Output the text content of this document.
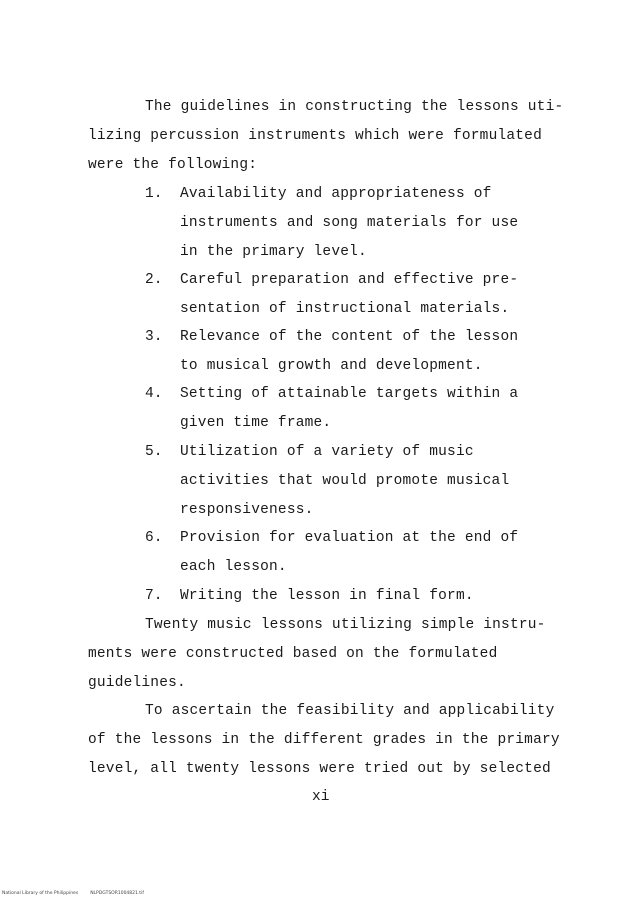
The guidelines in constructing the lessons uti-
lizing percussion instruments which were formulated
were the following:
1. Availability and appropriateness of
instruments and song materials for use
in the primary level.
2. Careful preparation and effective pre-
sentation of instructional materials.
3. Relevance of the content of the lesson
to musical growth and development.
4. Setting of attainable targets within a
given time frame.
5. Utilization of a variety of music
activities that would promote musical
responsiveness.
6. Provision for evaluation at the end of
each lesson.
7. Writing the lesson in final form.
Twenty music lessons utilizing simple instru-
ments were constructed based on the formulated
guidelines.
To ascertain the feasibility and applicability
of the lessons in the different grades in the primary
level, all twenty lessons were tried out by selected
xi
National Library of the Philippines	NLPDGTSOR1004821.tif
